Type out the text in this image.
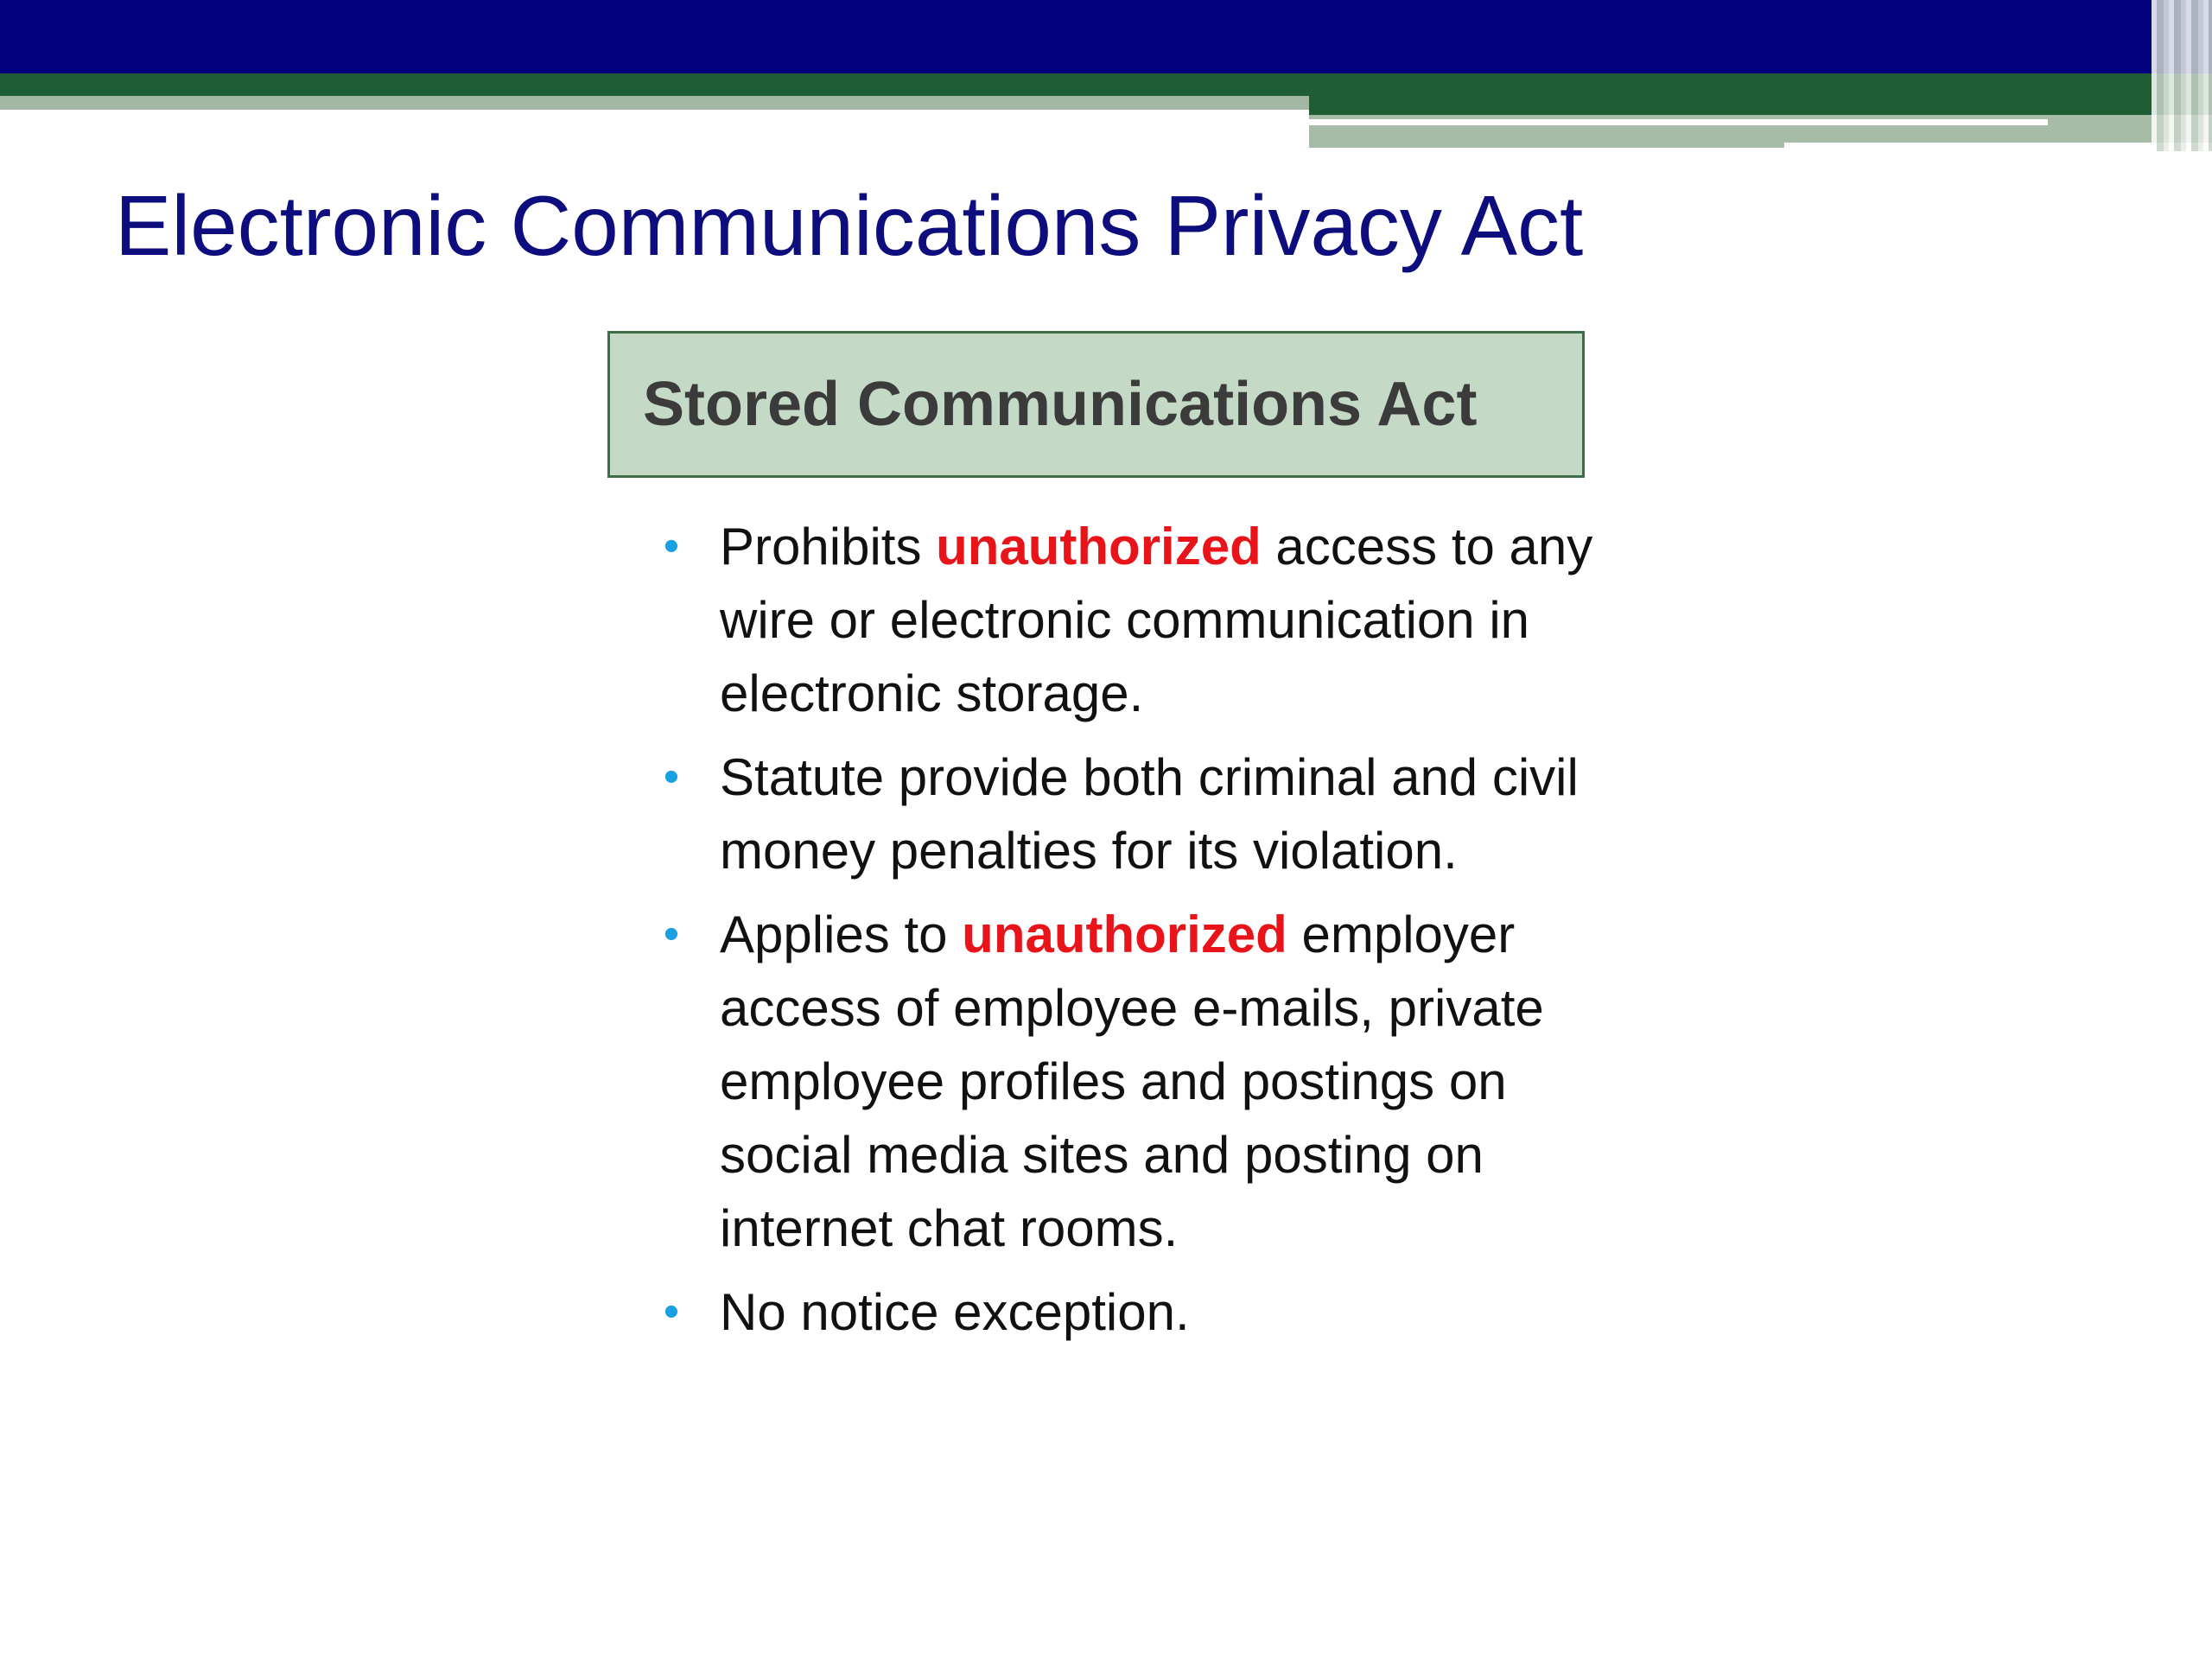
Electronic Communications Privacy Act
Stored Communications Act
• Prohibits unauthorized access to any wire or electronic communication in electronic storage.
• Statute provide both criminal and civil money penalties for its violation.
• Applies to unauthorized employer access of employee e-mails, private employee profiles and postings on social media sites and posting on internet chat rooms.
• No notice exception.
